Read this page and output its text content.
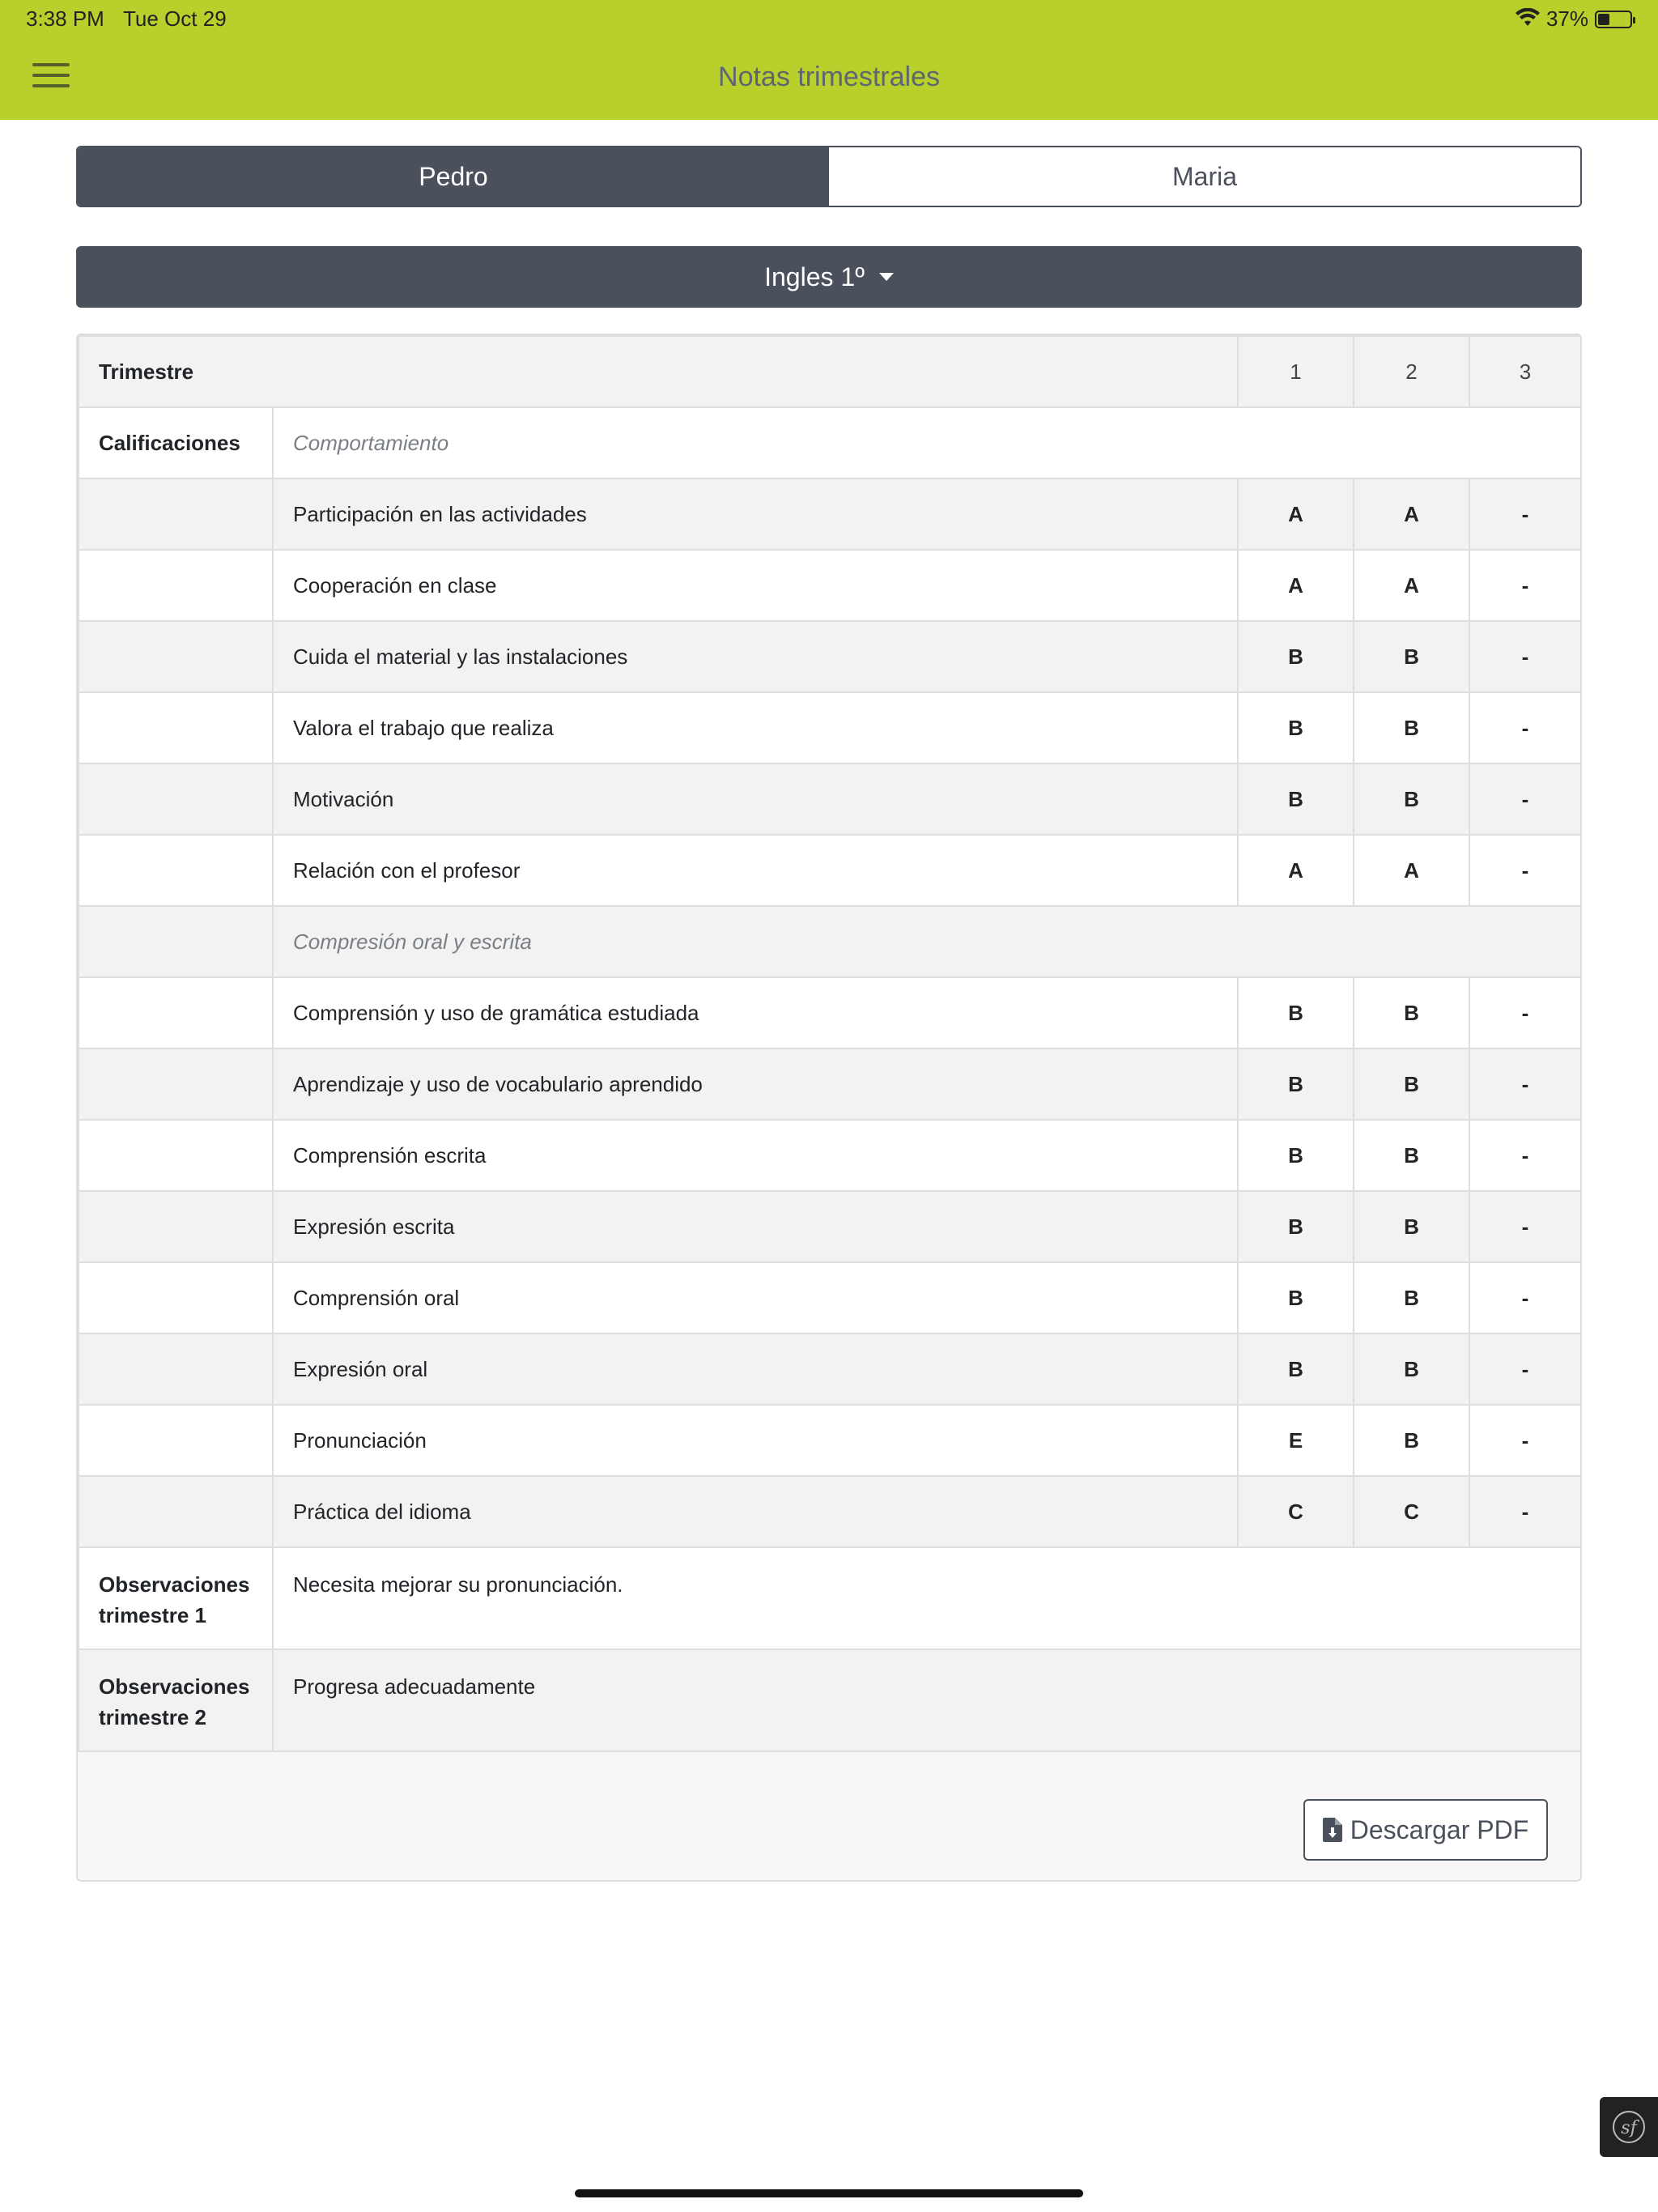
3:38 PM Tue Oct 29	37%
Notas trimestrales
Pedro	Maria
Ingles 1º
Trimestre		1	2	3
Calificaciones	Comportamiento			
	Participación en las actividades	A	A	-
	Cooperación en clase	A	A	-
	Cuida el material y las instalaciones	B	B	-
	Valora el trabajo que realiza	B	B	-
	Motivación	B	B	-
	Relación con el profesor	A	A	-
	Compresión oral y escrita			
	Comprensión y uso de gramática estudiada	B	B	-
	Aprendizaje y uso de vocabulario aprendido	B	B	-
	Comprensión escrita	B	B	-
	Expresión escrita	B	B	-
	Comprensión oral	B	B	-
	Expresión oral	B	B	-
	Pronunciación	E	B	-
	Práctica del idioma	C	C	-
Observaciones
trimestre 1	Necesita mejorar su pronunciación.			
Observaciones
trimestre 2	Progresa adecuadamente			
Descargar PDF
sf
